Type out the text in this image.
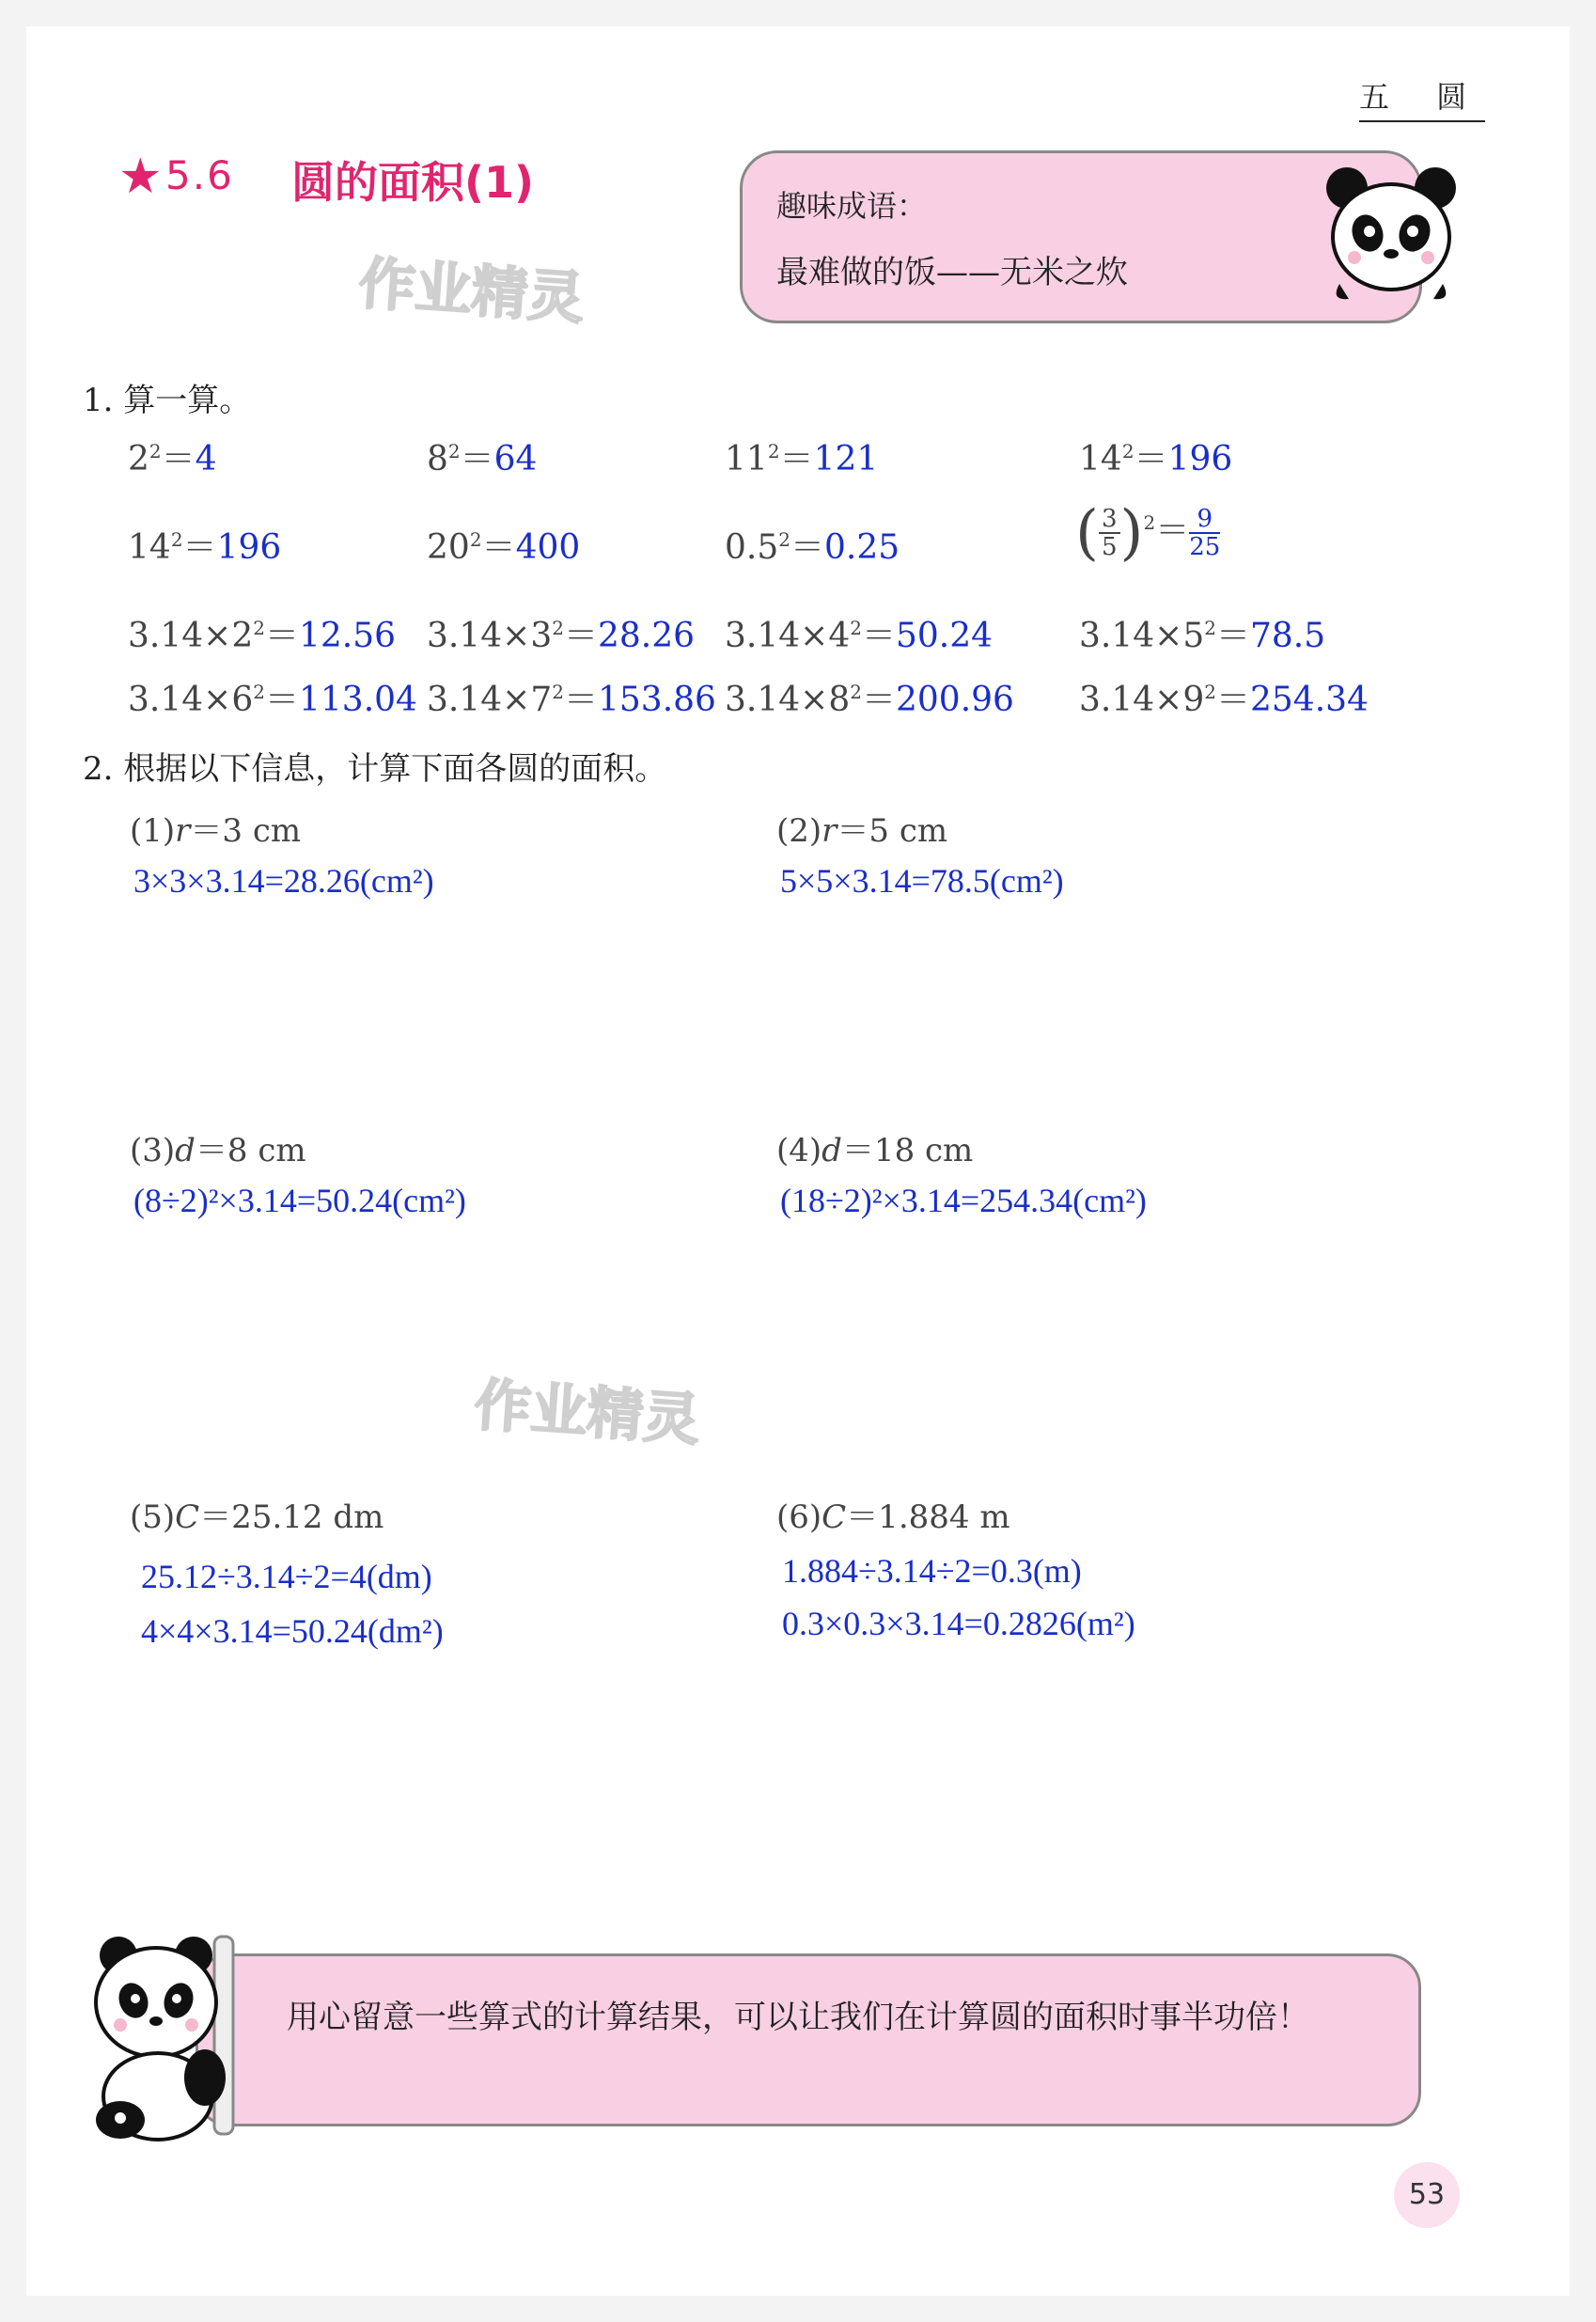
五 圆
★ 5.6 圆的面积(1)
作业精灵
作业精灵
趣味成语：
最难做的饭——无米之炊
1. 算一算。
$2^2=4$	$8^2=64$	$11^2=121$	$14^2=196$
$14^2=196$	$20^2=400$	$0.5^2=0.25$	( $\frac{3}{5} )^2= \frac{9}{25}$
$3.14\times 2^2=12.56$ $3.14\times 3^2=28.26$ $3.14\times 4^2=50.24$	$3.14\times 5^2=78.5$
$3.14\times 6^2=113.04$ $3.14\times 7^2=153.86$ $3.14\times 8^2=200.96$ $3.14\times 9^2=254.34$
2. 根据以下信息，计算下面各圆的面积。
(1)r＝3 cm
3×3×3.14=28.26(cm²)
(2)r＝5 cm
5×5×3.14=78.5(cm²)
(3)d＝8 cm
(8÷2)²×3.14=50.24(cm²)
(4)d＝18 cm
(18÷2)²×3.14=254.34(cm²)
(5)C＝25.12 dm
25.12÷3.14÷2=4(dm)
4×4×3.14=50.24(dm²)
(6)C＝1.884 m
1.884÷3.14÷2=0.3(m)
0.3×0.3×3.14=0.2826(m²)
用心留意一些算式的计算结果，可以让我们在计算圆的面积时事半功倍！
53
